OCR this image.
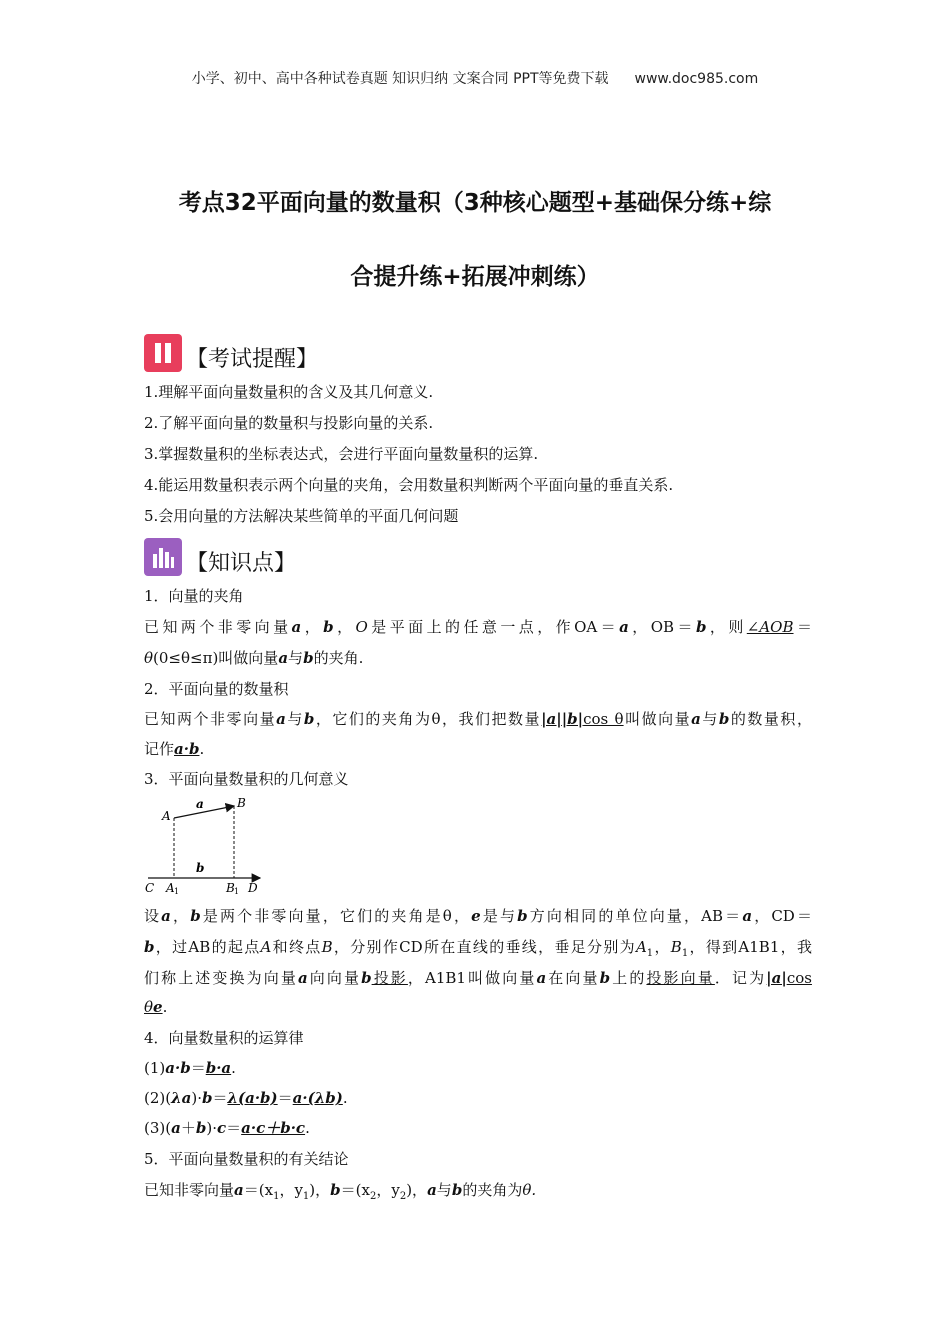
小学、初中、高中各种试卷真题 知识归纳 文案合同 PPT等免费下载 www.doc985.com
考点32平面向量的数量积（3种核心题型+基础保分练+综
合提升练+拓展冲刺练）
【考试提醒】
1.理解平面向量数量积的含义及其几何意义.
2.了解平面向量的数量积与投影向量的关系.
3.掌握数量积的坐标表达式，会进行平面向量数量积的运算.
4.能运用数量积表示两个向量的夹角，会用数量积判断两个平面向量的垂直关系.
5.会用向量的方法解决某些简单的平面几何问题
【知识点】
1．向量的夹角
已知两个非零向量a，b，O是平面上的任意一点，作OA＝a，OB＝b，则∠AOB＝
θ(0≤θ≤π)叫做向量a与b的夹角.
2．平面向量的数量积
已知两个非零向量a与b，它们的夹角为θ，我们把数量|a||b|cos θ叫做向量a与b的数量积，
记作a·b.
3．平面向量数量积的几何意义
A
B
a
b
C A 1	B 1 D
设a，b是两个非零向量，它们的夹角是θ，e是与b方向相同的单位向量，AB＝a，CD＝
b，过AB的起点A和终点B，分别作CD所在直线的垂线，垂足分别为$A_1$，$B_1$，得到A1B1，我
们称上述变换为向量a向向量b投影，A1B1叫做向量a在向量b上的投影向量．记为|a|cos
θe.
4．向量数量积的运算律
(1)a·b＝b·a.
(2)(λa)·b＝λ(a·b)＝a·(λb).
(3)(a＋b)·c＝a·c＋b·c.
5．平面向量数量积的有关结论
已知非零向量$a=(x_1$，$y_1$)，$b=(x_2$，$y_2$)，a与b的夹角为θ.
